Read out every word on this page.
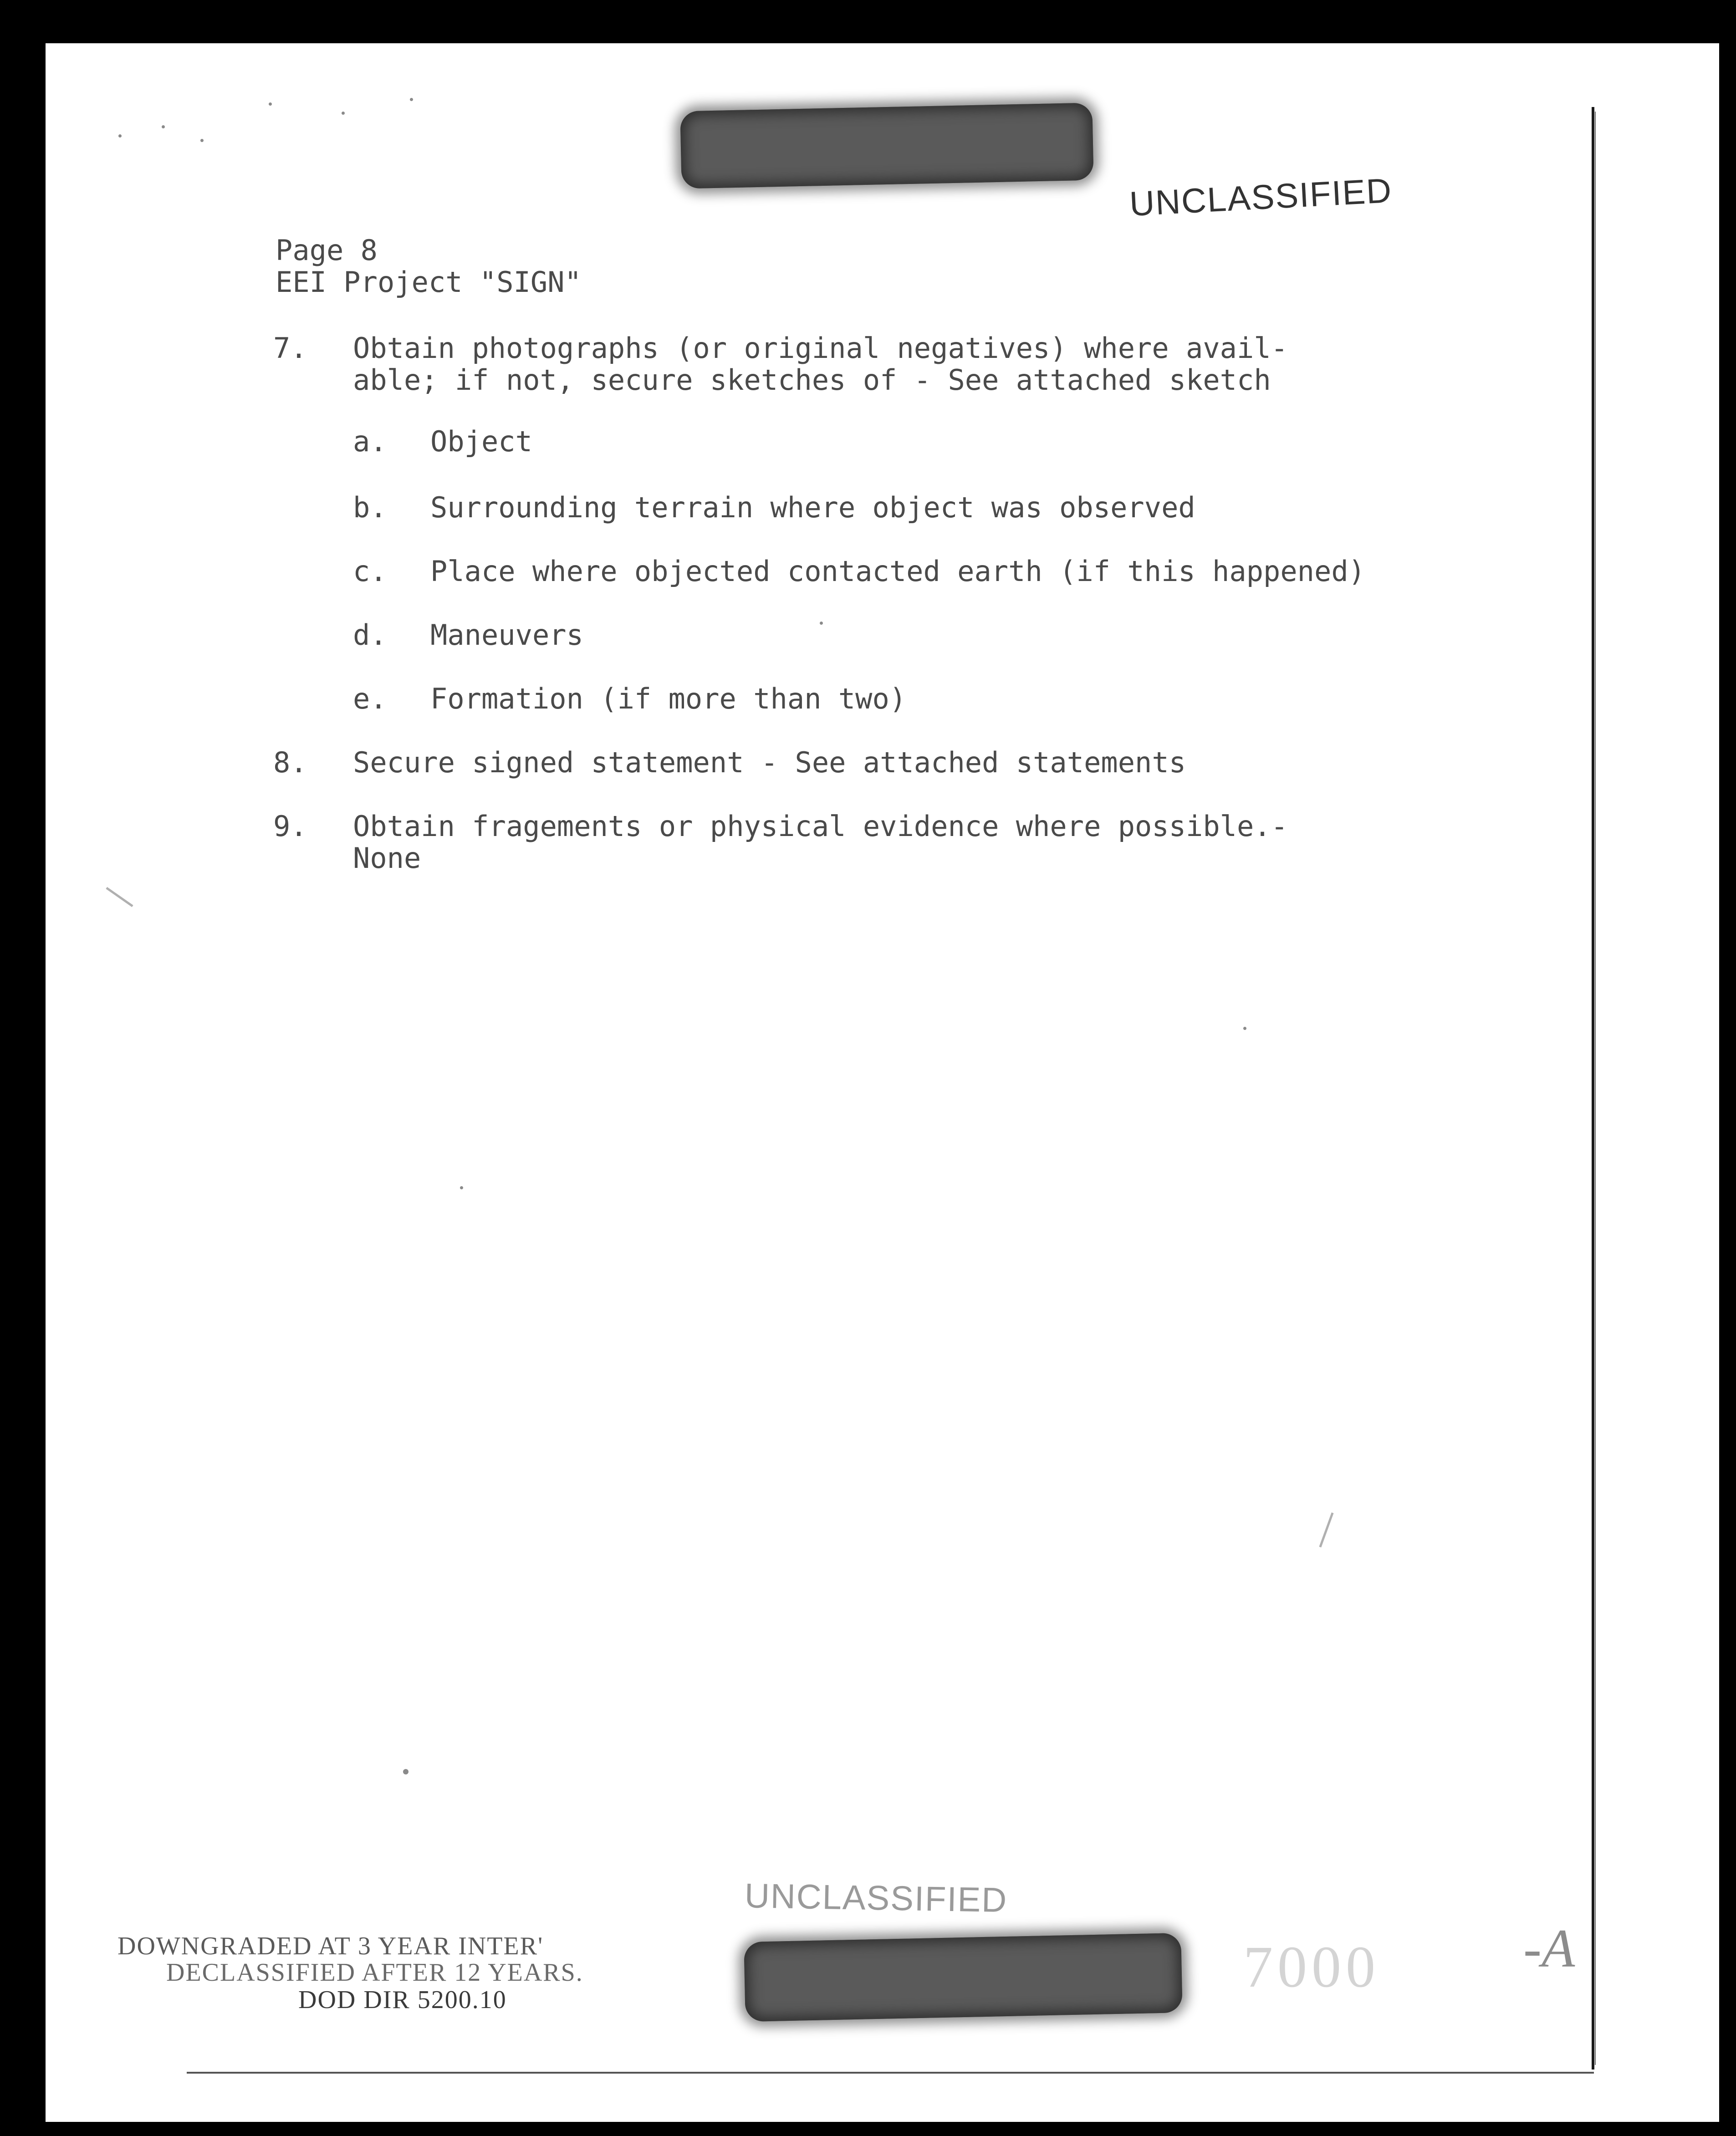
UNCLASSIFIED
Page 8
EEI Project "SIGN"
7. Obtain photographs (or original negatives) where avail-
able; if not, secure sketches of - See attached sketch
a. Object
b. Surrounding terrain where object was observed
c. Place where objected contacted earth (if this happened)
d. Maneuvers
e. Formation (if more than two)
8. Secure signed statement - See attached statements
9. Obtain fragements or physical evidence where possible.-
None
UNCLASSIFIED
DOWNGRADED AT 3 YEAR INTER'
DECLASSIFIED AFTER 12 YEARS.
DOD DIR 5200.10	7000	-A
